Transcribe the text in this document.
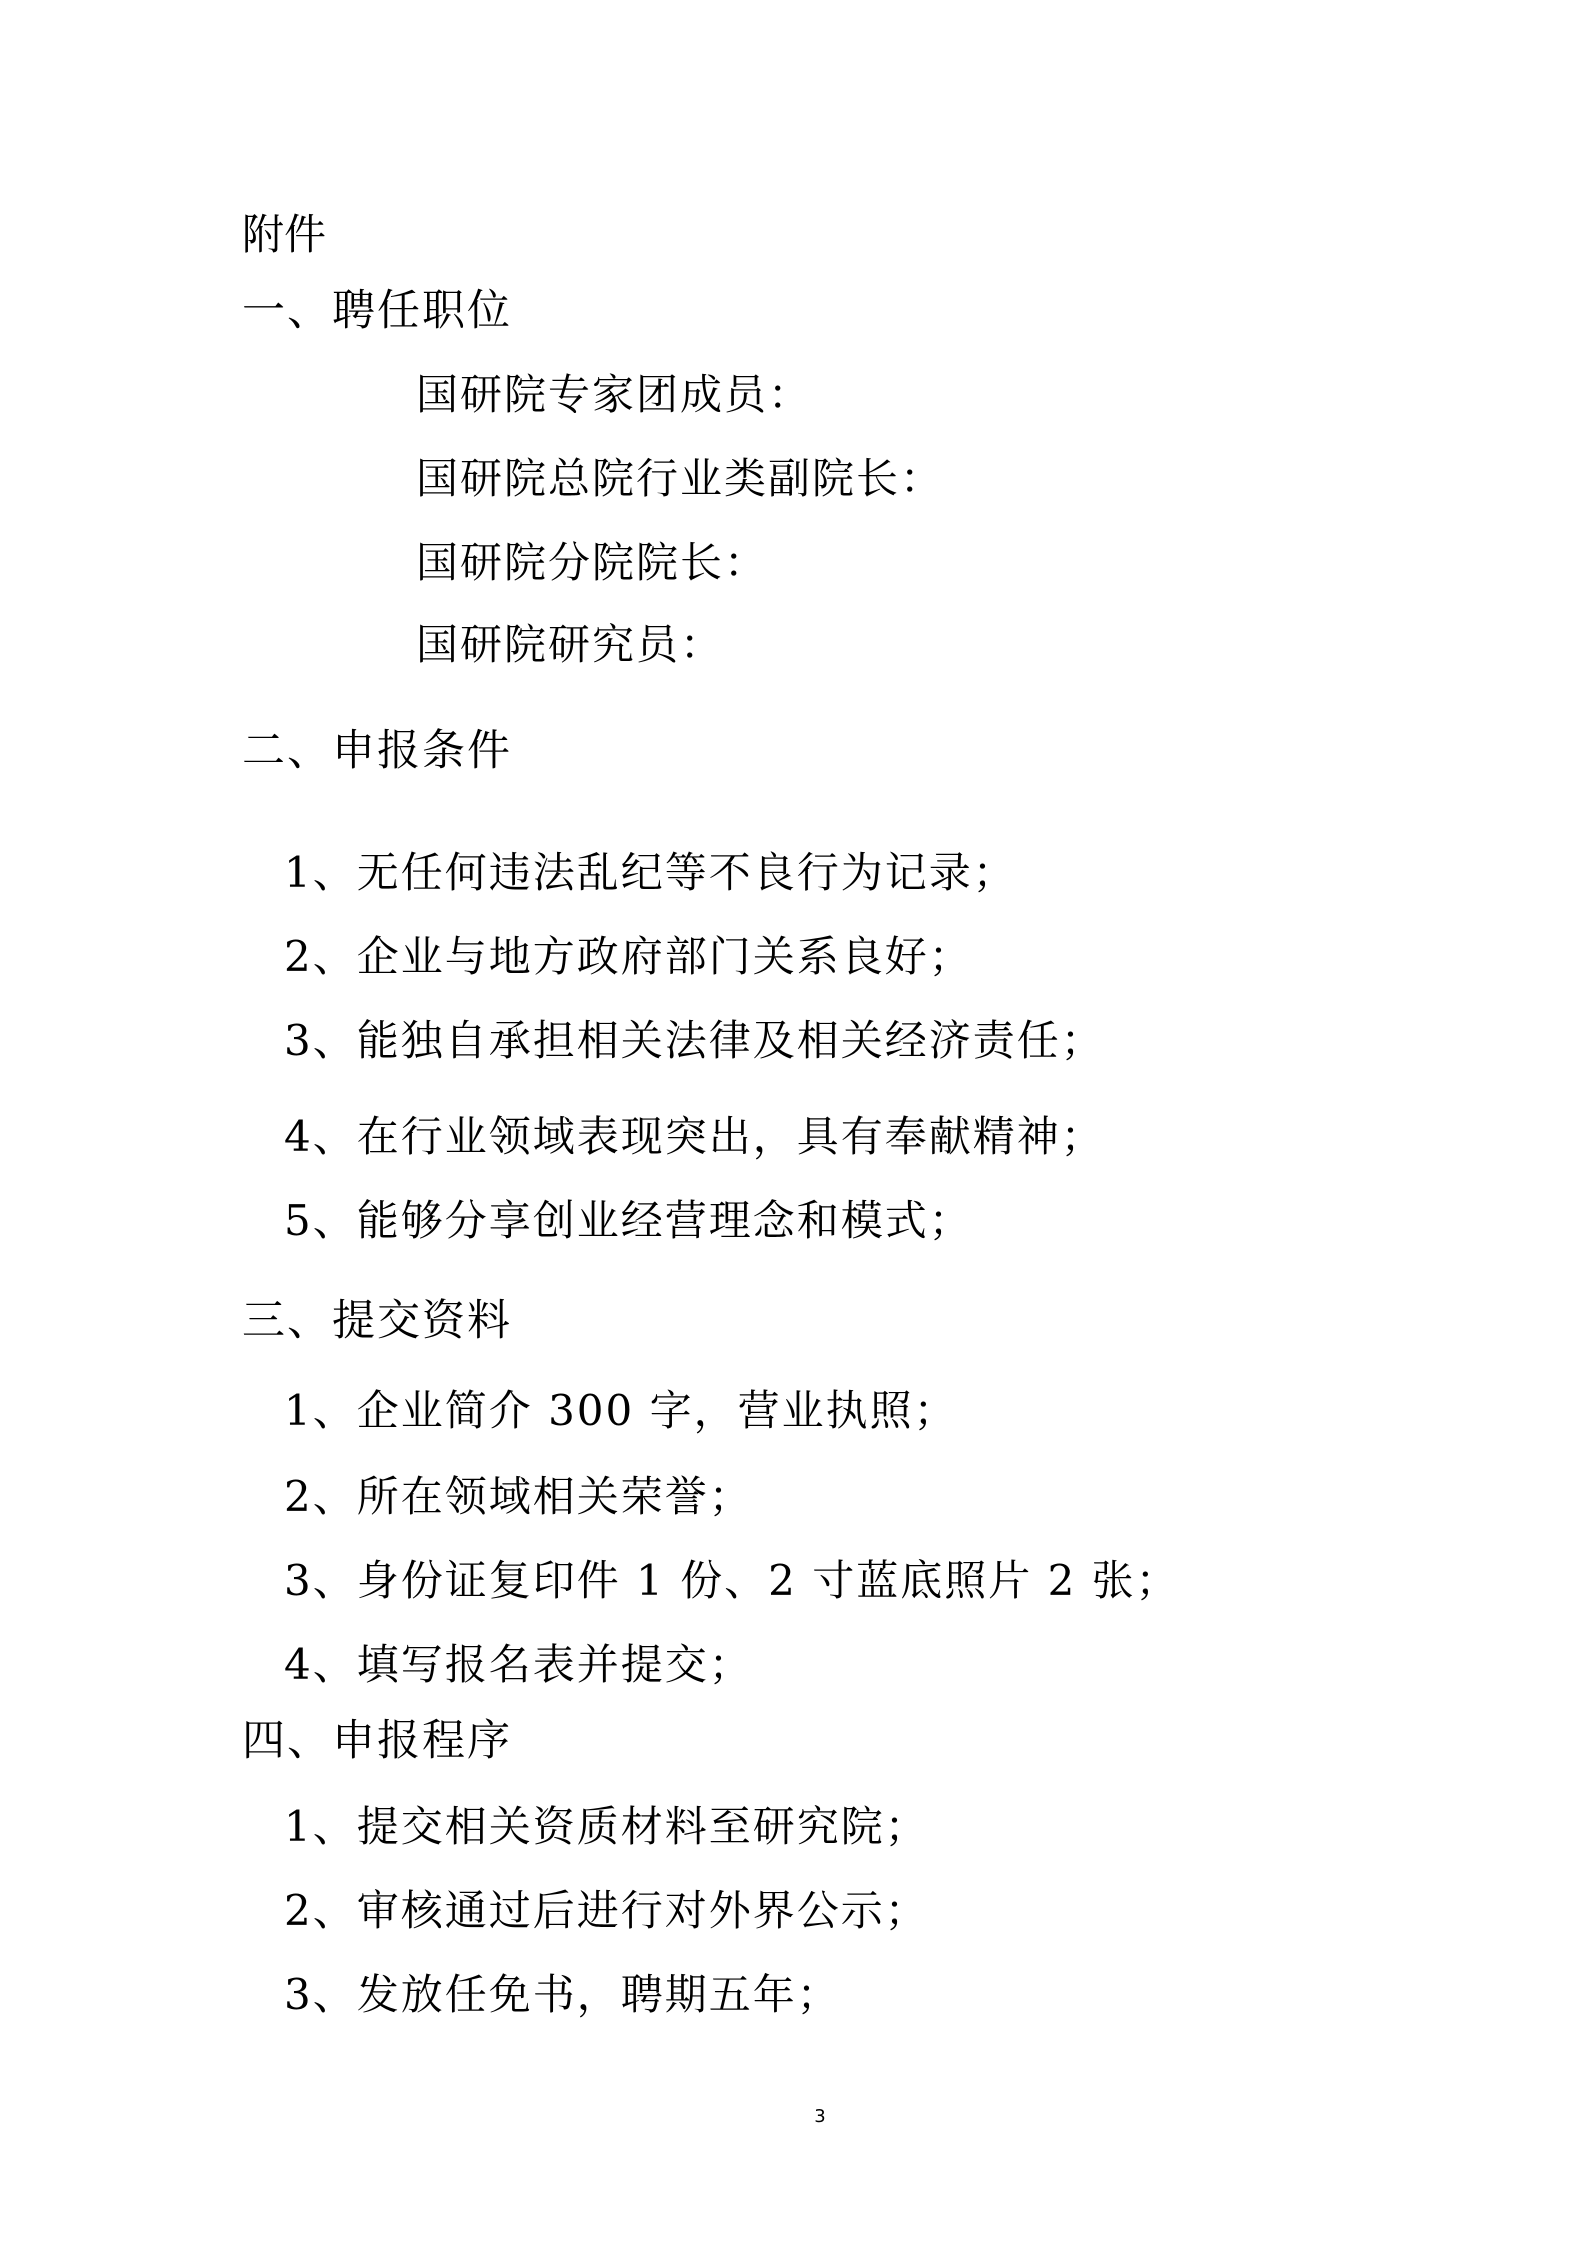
附件
一、聘任职位
国研院专家团成员：
国研院总院行业类副院长：
国研院分院院长：
国研院研究员：
二、申报条件
1、无任何违法乱纪等不良行为记录；
2、企业与地方政府部门关系良好；
3、能独自承担相关法律及相关经济责任；
4、在行业领域表现突出，具有奉献精神；
5、能够分享创业经营理念和模式；
三、提交资料
1、企业简介 300 字，营业执照；
2、所在领域相关荣誉；
3、身份证复印件 1 份、2 寸蓝底照片 2 张；
4、填写报名表并提交；
四、申报程序
1、提交相关资质材料至研究院；
2、审核通过后进行对外界公示；
3、发放任免书，聘期五年；
3
